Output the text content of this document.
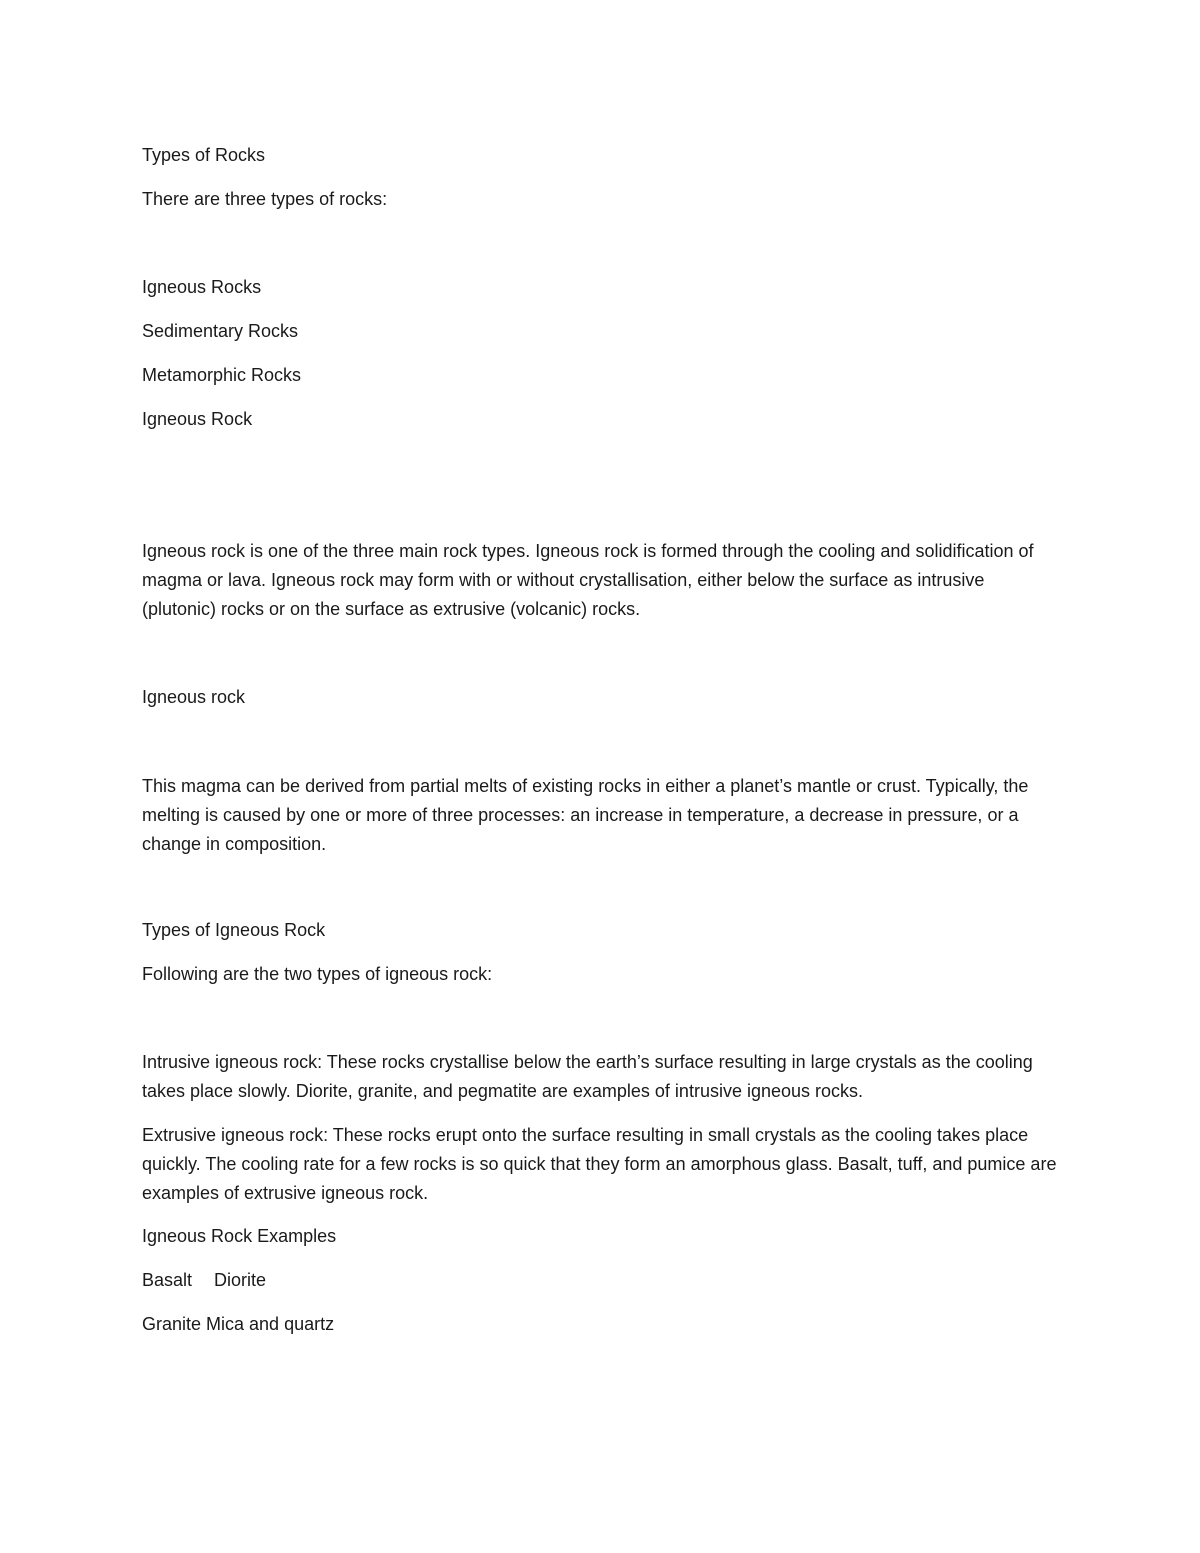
Types of Rocks

There are three types of rocks:

Igneous Rocks

Sedimentary Rocks

Metamorphic Rocks

Igneous Rock

Igneous rock is one of the three main rock types. Igneous rock is formed through the cooling and solidification of magma or lava. Igneous rock may form with or without crystallisation, either below the surface as intrusive (plutonic) rocks or on the surface as extrusive (volcanic) rocks.

Igneous rock

This magma can be derived from partial melts of existing rocks in either a planet’s mantle or crust. Typically, the melting is caused by one or more of three processes: an increase in temperature, a decrease in pressure, or a change in composition.

Types of Igneous Rock

Following are the two types of igneous rock:

Intrusive igneous rock: These rocks crystallise below the earth’s surface resulting in large crystals as the cooling takes place slowly. Diorite, granite, and pegmatite are examples of intrusive igneous rocks.

Extrusive igneous rock: These rocks erupt onto the surface resulting in small crystals as the cooling takes place quickly. The cooling rate for a few rocks is so quick that they form an amorphous glass. Basalt, tuff, and pumice are examples of extrusive igneous rock.

Igneous Rock Examples

Basalt Diorite

Granite Mica and quartz
